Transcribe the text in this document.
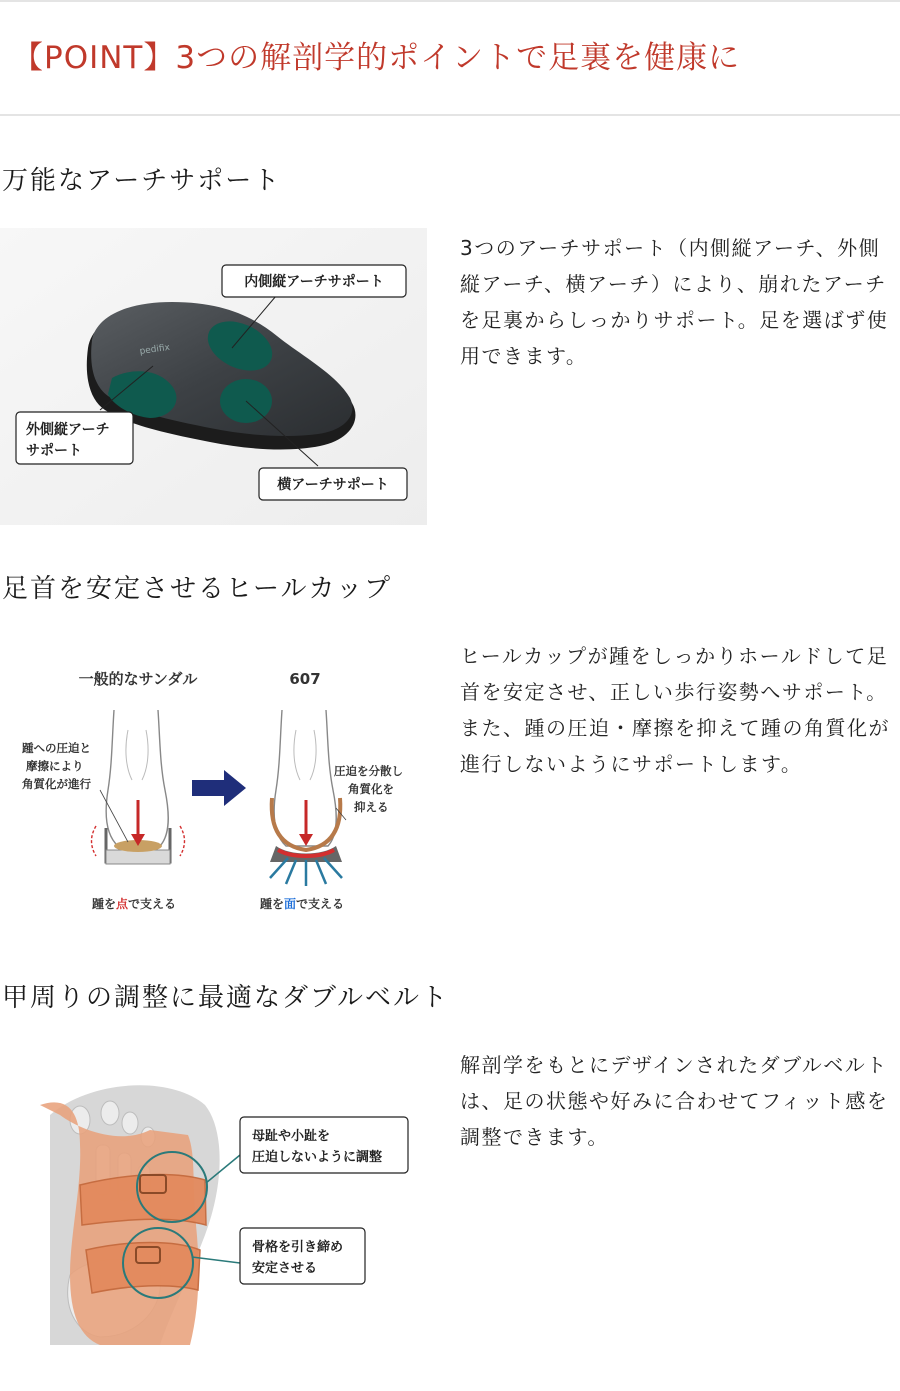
【POINT】3つの解剖学的ポイントで足裏を健康に
万能なアーチサポート
pedifix
内側縦アーチサポート
外側縦アーチ
サポート
横アーチサポート

3つのアーチサポート（内側縦アーチ、外側縦アーチ、横アーチ）により、崩れたアーチを足裏からしっかりサポート。足を選ばず使用できます。

足首を安定させるヒールカップ
一般的なサンダル	607
踵への圧迫と
摩擦により
角質化が進行
圧迫を分散し
角質化を
抑える
踵を点で支える	踵を面で支える

ヒールカップが踵をしっかりホールドして足首を安定させ、正しい歩行姿勢へサポート。また、踵の圧迫・摩擦を抑えて踵の角質化が進行しないようにサポートします。

甲周りの調整に最適なダブルベルト
母趾や小趾を
圧迫しないように調整
骨格を引き締め
安定させる

解剖学をもとにデザインされたダブルベルトは、足の状態や好みに合わせてフィット感を調整できます。
